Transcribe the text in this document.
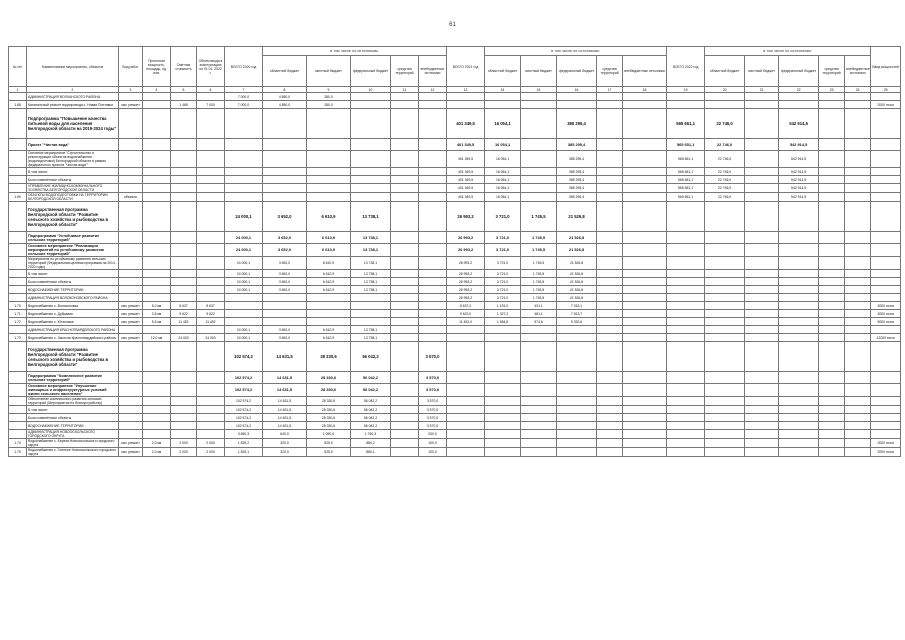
61
№ п/п	Наименование мероприятия, объектов	Вид работ	Проектная мощность, площадь, ед. изм.	Сметная стоимость	Объём ввода в эксплуатацию на 01.01. 2022 г.	ВСЕГО 2020 год	в том числе по источникам:					ВСЕГО 2021 год	в том числе по источникам:					ВСЕГО 2022 год	в том числе по источникам:					Ввод мощностей
							областной бюджет	местный бюджет	федеральный бюджет	средства территорий	внебюджетные источники		областной бюджет	местный бюджет	федеральный бюджет	средства территорий	внебюджетные источники		областной бюджет	местный бюджет	федеральный бюджет	средства территорий	внебюджетные источники	
1	2	3	4	5	6	7	8	9	10	11	12	13	14	15	16	17	18	19	20	21	22	23	24	25
	АДМИНИСТРАЦИЯ ВОЛЧАНСКОГО РАЙОНА					7 000,0	4 850,0	280,0																
1.68	Капитальный ремонт водопровода с. Новая Полтавка	кап. ремонт		1 465	7 000	7 000,0	4 850,0	280,0																2000 пог.м
	Подпрограмма "Повышение качества питьевой воды для населения Белгородской области на 2019-2024 годы"											401 349,5	16 054,1		385 295,4			565 651,1	22 746,0		542 914,5			
	Проект "Чистая вода"											401 349,5	16 054,1		385 295,4			565 651,1	22 746,0		542 914,5			
	Основное мероприятие "Строительство и реконструкция объектов водоснабжения (водоподготовки) Белгородской области в рамках федерального проекта "Чистая вода""											401 349,5	16 054,1		385 295,4			565 651,1	22 746,0		542 914,5			
	В том числе:											401 349,5	16 054,1		385 295,4			565 651,1	22 746,0		542 914,5			
	Было изменённые объекты											401 349,5	16 054,1		385 295,4			565 651,1	22 746,0		542 914,5			
	УПРАВЛЕНИЕ ЖИЛИЩНО-КОММУНАЛЬНОГО ХОЗЯЙСТВА БЕЛГОРОДСКОЙ ОБЛАСТИ											401 349,5	16 054,1		385 295,4			565 651,1	22 746,0		542 914,5			
1.69	ОБЪЕКТЫ ВОДОПОДГОТОВКИ НА ТЕРРИТОРИИ БЕЛГОРОДСКОЙ ОБЛАСТИ	объекты										401 349,5	16 054,1		385 295,4			565 651,1	22 746,0		542 914,5			
	Государственная программа Белгородской области "Развитие сельского хозяйства и рыбоводства в Белгородской области"					24 000,1	3 652,0	6 610,9	13 738,1			26 993,2	3 721,0	1 745,5	21 526,8									
	Подпрограмма "Устойчивое развитие сельских территорий"					24 000,1	3 652,0	6 610,9	13 738,1			26 993,2	3 721,0	1 745,5	21 526,8									
	Основное мероприятие "Реализация мероприятий по устойчивому развитию сельских территорий"					24 000,1	3 652,0	6 610,9	13 738,1			26 993,2	3 721,0	1 745,5	21 526,8									
	Мероприятия по устойчивому развитию сельских территорий (Федеральная целевая программа на 2014 - 2020 годы)					24 000,1	3 652,0	6 610,9	13 738,1			26 993,2	3 721,0	1 745,5	21 526,8									
	В том числе:					24 000,1	3 652,0	6 610,9	13 738,1			26 993,2	3 721,0	1 745,5	21 526,8									
	Было изменённые объекты					24 000,1	3 652,0	6 610,9	13 738,1			26 993,2	3 721,0	1 745,5	21 526,8									
	ВОДОСНАБЖЕНИЕ ТЕРРИТОРИИ					24 000,1	3 652,0	6 610,9	13 738,1			26 993,2	3 721,0	1 745,5	21 526,8									
	АДМИНИСТРАЦИЯ ВОЛОКОНОВСКОГО РАЙОНА											26 993,2	3 721,0	1 745,5	21 526,8									
1.70	Водоснабжение с. Волоконовка	кап. ремонт	5,0 км	8 637	8 637							8 637,2	1 191,0	431,1	7 015,1									3000 пог.м
1.71	Водоснабжение х. Дубравка	кап. ремонт	3,5 км	9 622	9 622							9 622,0	1 327,2	481,1	7 813,7									3000 пог.м
1.72	Водоснабжение с. Ютановка	кап. ремонт	5,5 км	11 492	11 492							11 492,0	1 584,8	574,6	9 332,6									5000 пог.м
	АДМИНИСТРАЦИЯ КРАСНОГВАРДЕЙСКОГО РАЙОНА					24 000,1	3 652,0	6 610,9	13 738,1															
1.73	Водоснабжение с. Засосна Красногвардейского района	кап. ремонт	12,0 км	24 000	24 000	24 000,1	3 652,0	6 610,9	13 738,1															12000 пог.м
	Государственная программа Белгородской области "Развитие сельского хозяйства и рыбоводства в Белгородской области"					102 574,2	14 631,5	28 330,6	56 042,2		3 570,0													
	Подпрограмма "Комплексное развитие сельских территорий"					102 574,2	14 631,5	28 330,6	56 042,2		3 570,0													
	Основное мероприятие "Улучшение жилищных и инфраструктурных условий жизни сельского населения"					102 574,2	14 631,5	28 330,6	56 042,2		3 570,0													
	Обеспечение комплексного развития сельских территорий (Мероприятия по благоустройству)					102 574,2	14 631,5	28 330,6	56 042,2		3 570,0													
	В том числе:					102 574,2	14 631,5	28 330,6	56 042,2		3 570,0													
	Было изменённые объекты					102 574,2	14 631,5	28 330,6	56 042,2		3 570,0													
	ВОДОСНАБЖЕНИЕ ТЕРРИТОРИИ					102 574,2	14 631,5	28 330,6	56 042,2		3 570,0													
	АДМИНИСТРАЦИЯ НОВООСКОЛЬСКОГО ГОРОДСКОГО ОКРУГА					3 650,3	640,0	1 050,0	1 760,3		200,0													
1.74	Водоснабжение с. Береза Новооскольского городского округа	кап. ремонт	2,0 км	2 000	2 000	1 825,2	320,0	525,0	880,2		100,0													2000 пог.м
1.75	Водоснабжение с. Глинное Новооскольского городского округа	кап. ремонт	2,0 км	2 000	2 000	1 825,1	320,0	525,0	880,1		100,0													2000 пог.м
